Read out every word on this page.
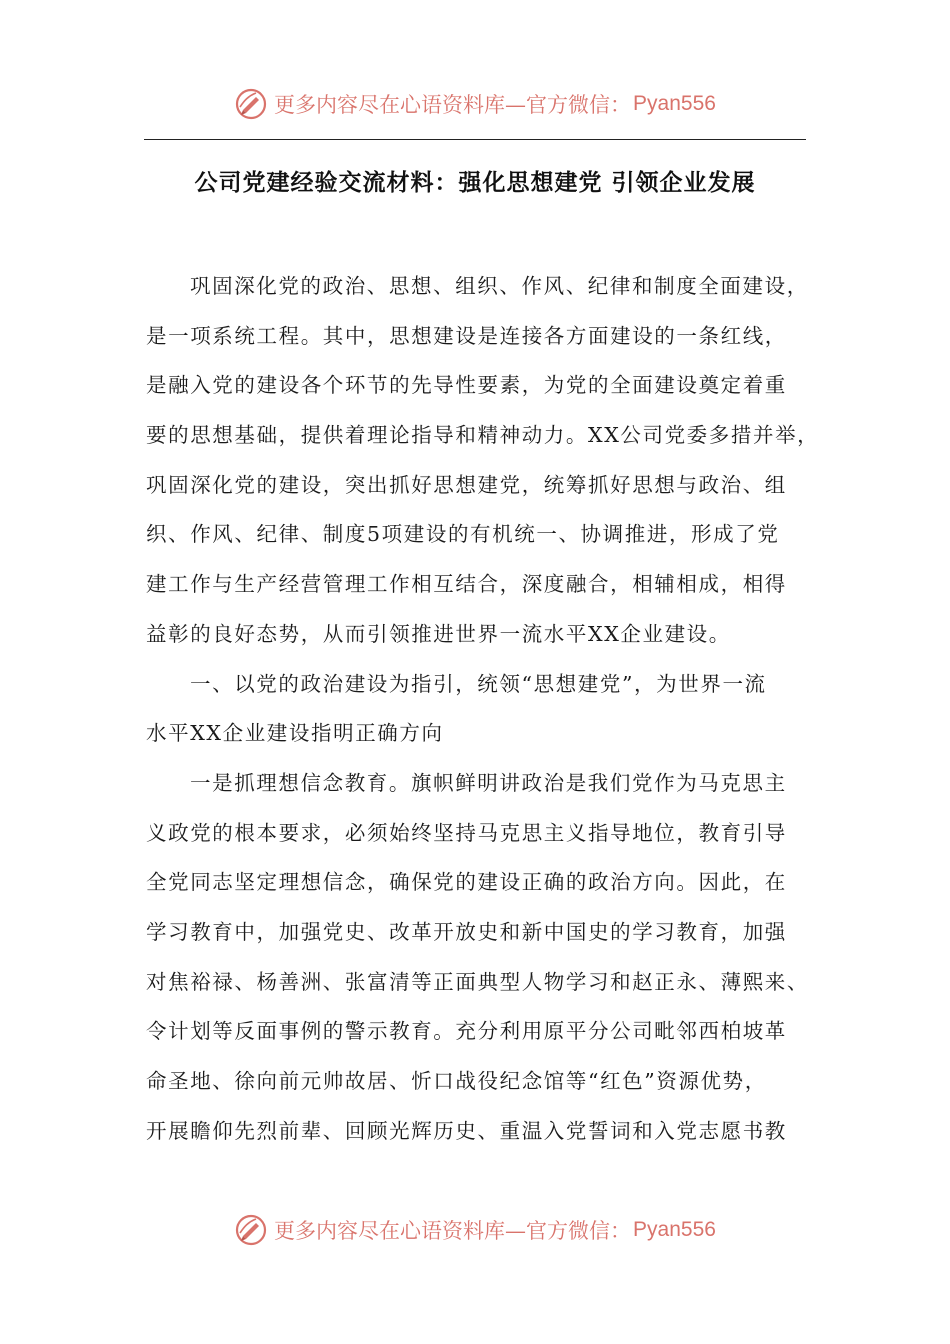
更多内容尽在心语资料库—官方微信： Pyan556
公司党建经验交流材料：强化思想建党 引领企业发展
巩固深化党的政治、思想、组织、作风、纪律和制度全面建设，
是一项系统工程。其中，思想建设是连接各方面建设的一条红线，
是融入党的建设各个环节的先导性要素，为党的全面建设奠定着重
要的思想基础，提供着理论指导和精神动力。XX公司党委多措并举，
巩固深化党的建设，突出抓好思想建党，统筹抓好思想与政治、组
织、作风、纪律、制度5项建设的有机统一、协调推进，形成了党
建工作与生产经营管理工作相互结合，深度融合，相辅相成，相得
益彰的良好态势，从而引领推进世界一流水平XX企业建设。
一、以党的政治建设为指引，统领“思想建党”，为世界一流
水平XX企业建设指明正确方向
一是抓理想信念教育。旗帜鲜明讲政治是我们党作为马克思主
义政党的根本要求，必须始终坚持马克思主义指导地位，教育引导
全党同志坚定理想信念，确保党的建设正确的政治方向。因此，在
学习教育中，加强党史、改革开放史和新中国史的学习教育，加强
对焦裕禄、杨善洲、张富清等正面典型人物学习和赵正永、薄熙来、
令计划等反面事例的警示教育。充分利用原平分公司毗邻西柏坡革
命圣地、徐向前元帅故居、忻口战役纪念馆等“红色”资源优势，
开展瞻仰先烈前辈、回顾光辉历史、重温入党誓词和入党志愿书教
更多内容尽在心语资料库—官方微信： Pyan556
